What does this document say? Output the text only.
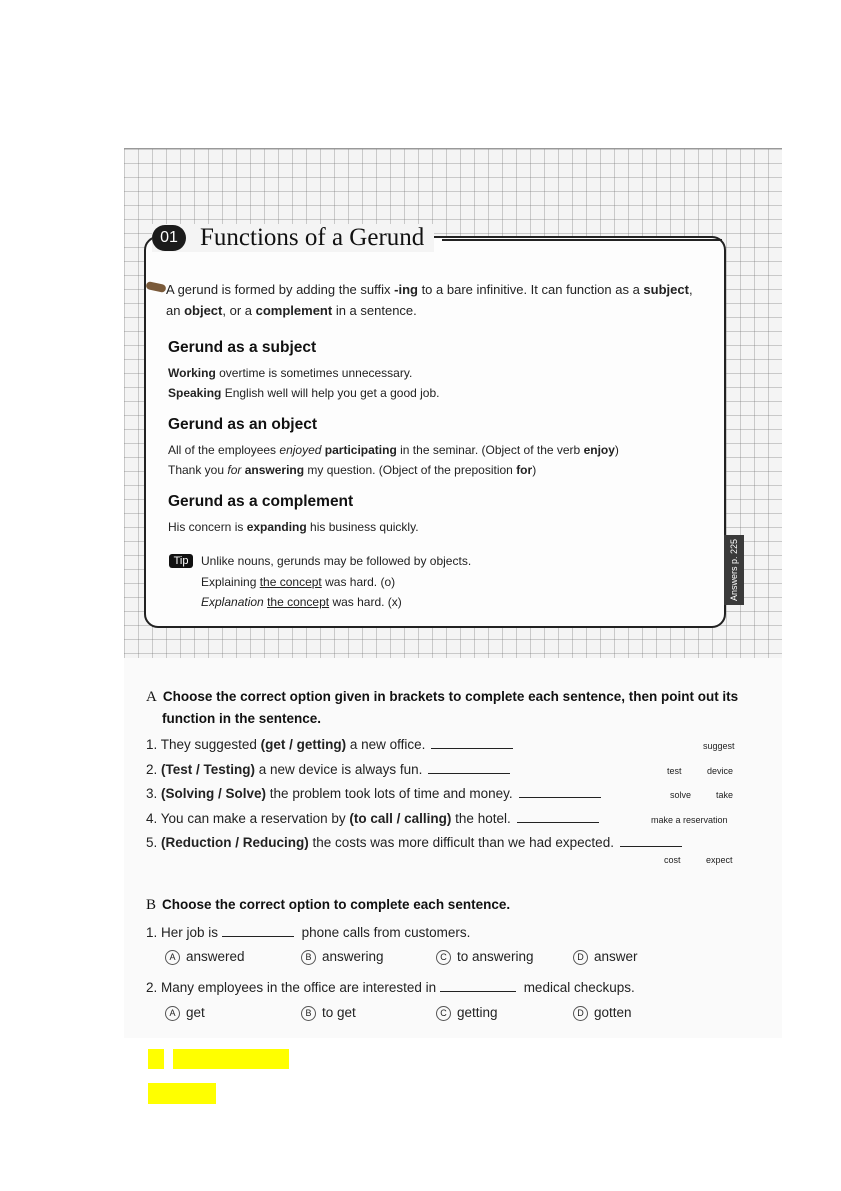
01 Functions of a Gerund
A gerund is formed by adding the suffix -ing to a bare infinitive. It can function as a subject,
an object, or a complement in a sentence.
Gerund as a subject
Working overtime is sometimes unnecessary.
Speaking English well will help you get a good job.
Gerund as an object
All of the employees enjoyed participating in the seminar. (Object of the verb enjoy)
Thank you for answering my question. (Object of the preposition for)
Gerund as a complement
His concern is expanding his business quickly.
Tip	Unlike nouns, gerunds may be followed by objects.
Explaining the concept was hard. (o)
Explanation the concept was hard. (x)
Answers p. 225
A Choose the correct option given in brackets to complete each sentence, then point out its
function in the sentence.
1. They suggested (get / getting) a new office.	suggest
2. (Test / Testing) a new device is always fun.	test	device
3. (Solving / Solve) the problem took lots of time and money.	solve	take
4. You can make a reservation by (to call / calling) the hotel.	make a reservation
5. (Reduction / Reducing) the costs was more difficult than we had expected.
cost	expect
B Choose the correct option to complete each sentence.
1. Her job is	phone calls from customers.
A answered	B answering	C to answering	D answer
2. Many employees in the office are interested in	medical checkups.
A get	B to get	C getting	D gotten
